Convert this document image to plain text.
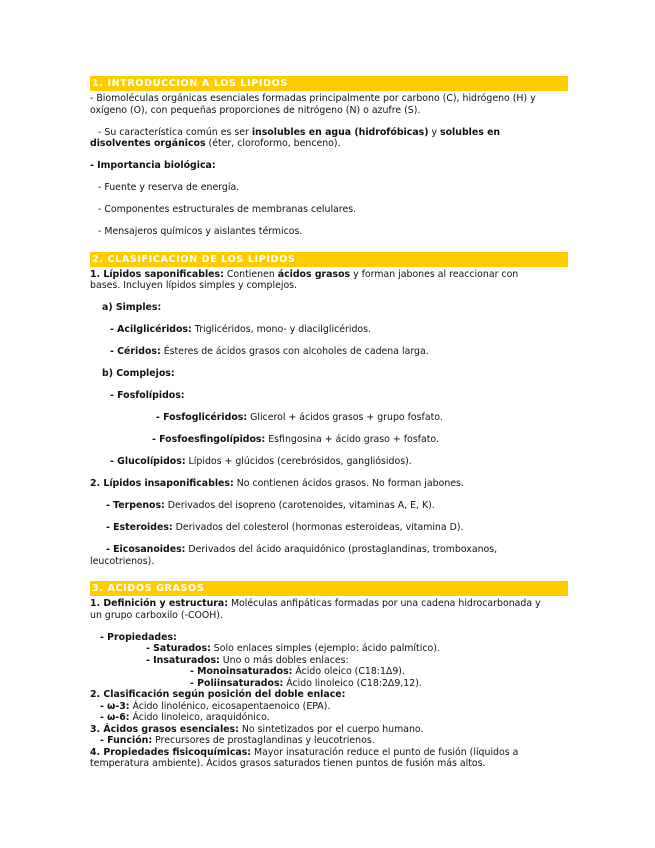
1. INTRODUCCION A LOS LIPIDOS

- Biomoléculas orgánicas esenciales formadas principalmente por carbono (C), hidrógeno (H) y
oxígeno (O), con pequeñas proporciones de nitrógeno (N) o azufre (S).

- Su característica común es ser insolubles en agua (hidrofóbicas) y solubles en
disolventes orgánicos (éter, cloroformo, benceno).

- Importancia biológica:

- Fuente y reserva de energía.

- Componentes estructurales de membranas celulares.

- Mensajeros químicos y aislantes térmicos.

2. CLASIFICACION DE LOS LIPIDOS

1. Lípidos saponificables: Contienen ácidos grasos y forman jabones al reaccionar con
bases. Incluyen lípidos simples y complejos.

a) Simples:

- Acilglicéridos: Triglicéridos, mono- y diacilglicéridos.

- Céridos: Ésteres de ácidos grasos con alcoholes de cadena larga.

b) Complejos:

- Fosfolípidos:

- Fosfoglicéridos: Glicerol + ácidos grasos + grupo fosfato.

- Fosfoesfingolípidos: Esfingosina + ácido graso + fosfato.

- Glucolípidos: Lípidos + glúcidos (cerebrósidos, gangliósidos).

2. Lípidos insaponificables: No contienen ácidos grasos. No forman jabones.

- Terpenos: Derivados del isopreno (carotenoides, vitaminas A, E, K).

- Esteroides: Derivados del colesterol (hormonas esteroideas, vitamina D).

- Eicosanoides: Derivados del ácido araquidónico (prostaglandinas, tromboxanos,
leucotrienos).

3. ACIDOS GRASOS

1. Definición y estructura: Moléculas anfipáticas formadas por una cadena hidrocarbonada y
un grupo carboxilo (-COOH).

- Propiedades:

- Saturados: Solo enlaces simples (ejemplo: ácido palmítico).

- Insaturados: Uno o más dobles enlaces:

- Monoinsaturados: Ácido oleico (C18:1Δ9).

- Poliinsaturados: Ácido linoleico (C18:2Δ9,12).

2. Clasificación según posición del doble enlace:

- ω-3: Ácido linolénico, eicosapentaenoico (EPA).

- ω-6: Ácido linoleico, araquidónico.

3. Ácidos grasos esenciales: No sintetizados por el cuerpo humano.

- Función: Precursores de prostaglandinas y leucotrienos.

4. Propiedades fisicoquímicas: Mayor insaturación reduce el punto de fusión (líquidos a
temperatura ambiente). Ácidos grasos saturados tienen puntos de fusión más altos.
